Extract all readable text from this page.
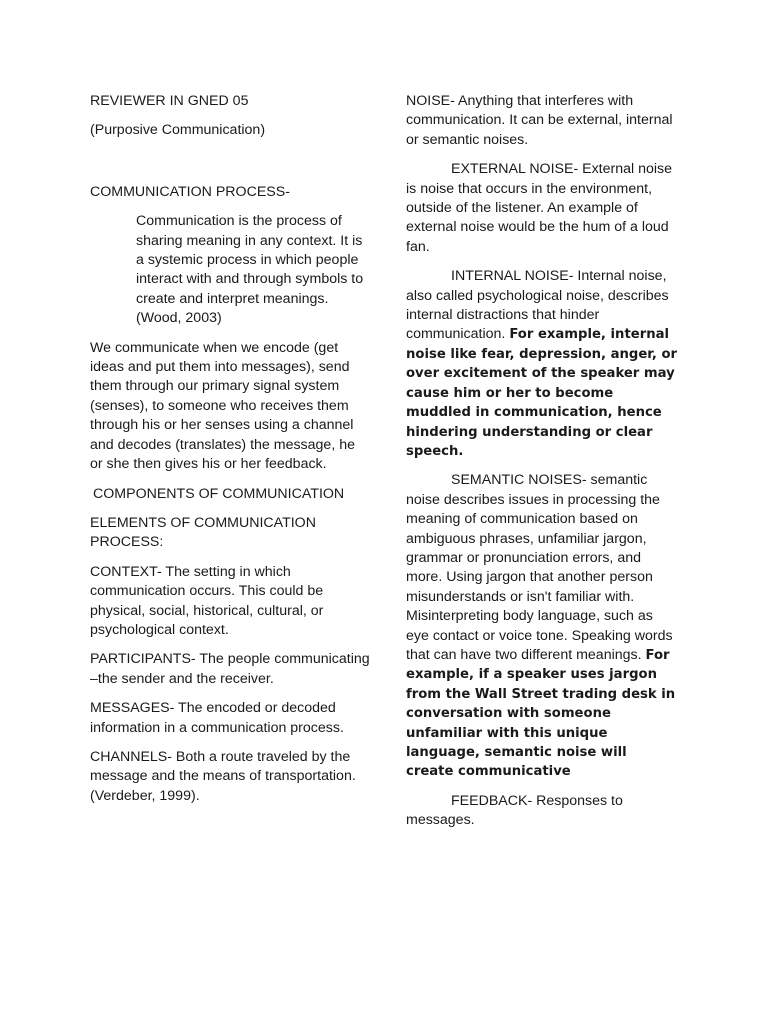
REVIEWER IN GNED 05

(Purposive Communication)

COMMUNICATION PROCESS-

Communication is the process of sharing meaning in any context. It is a systemic process in which people interact with and through symbols to create and interpret meanings.(Wood, 2003)

We communicate when we encode (get ideas and put them into messages), send them through our primary signal system (senses), to someone who receives them through his or her senses using a channel and decodes (translates) the message, he or she then gives his or her feedback.

COMPONENTS OF COMMUNICATION

ELEMENTS OF COMMUNICATION PROCESS:

CONTEXT- The setting in which communication occurs. This could be physical, social, historical, cultural, or psychological context.

PARTICIPANTS- The people communicating –the sender and the receiver.

MESSAGES- The encoded or decoded information in a communication process.

CHANNELS- Both a route traveled by the message and the means of transportation.(Verdeber, 1999).

NOISE- Anything that interferes with communication. It can be external, internal or semantic noises.

EXTERNAL NOISE- External noise is noise that occurs in the environment, outside of the listener. An example of external noise would be the hum of a loud fan.

INTERNAL NOISE- Internal noise, also called psychological noise, describes internal distractions that hinder communication. For example, internal noise like fear, depression, anger, or over excitement of the speaker may cause him or her to become muddled in communication, hence hindering understanding or clear speech.

SEMANTIC NOISES- semantic noise describes issues in processing the meaning of communication based on ambiguous phrases, unfamiliar jargon, grammar or pronunciation errors, and more. Using jargon that another person misunderstands or isn't familiar with. Misinterpreting body language, such as eye contact or voice tone. Speaking words that can have two different meanings. For example, if a speaker uses jargon from the Wall Street trading desk in conversation with someone unfamiliar with this unique language, semantic noise will create communicative

FEEDBACK- Responses to messages.
